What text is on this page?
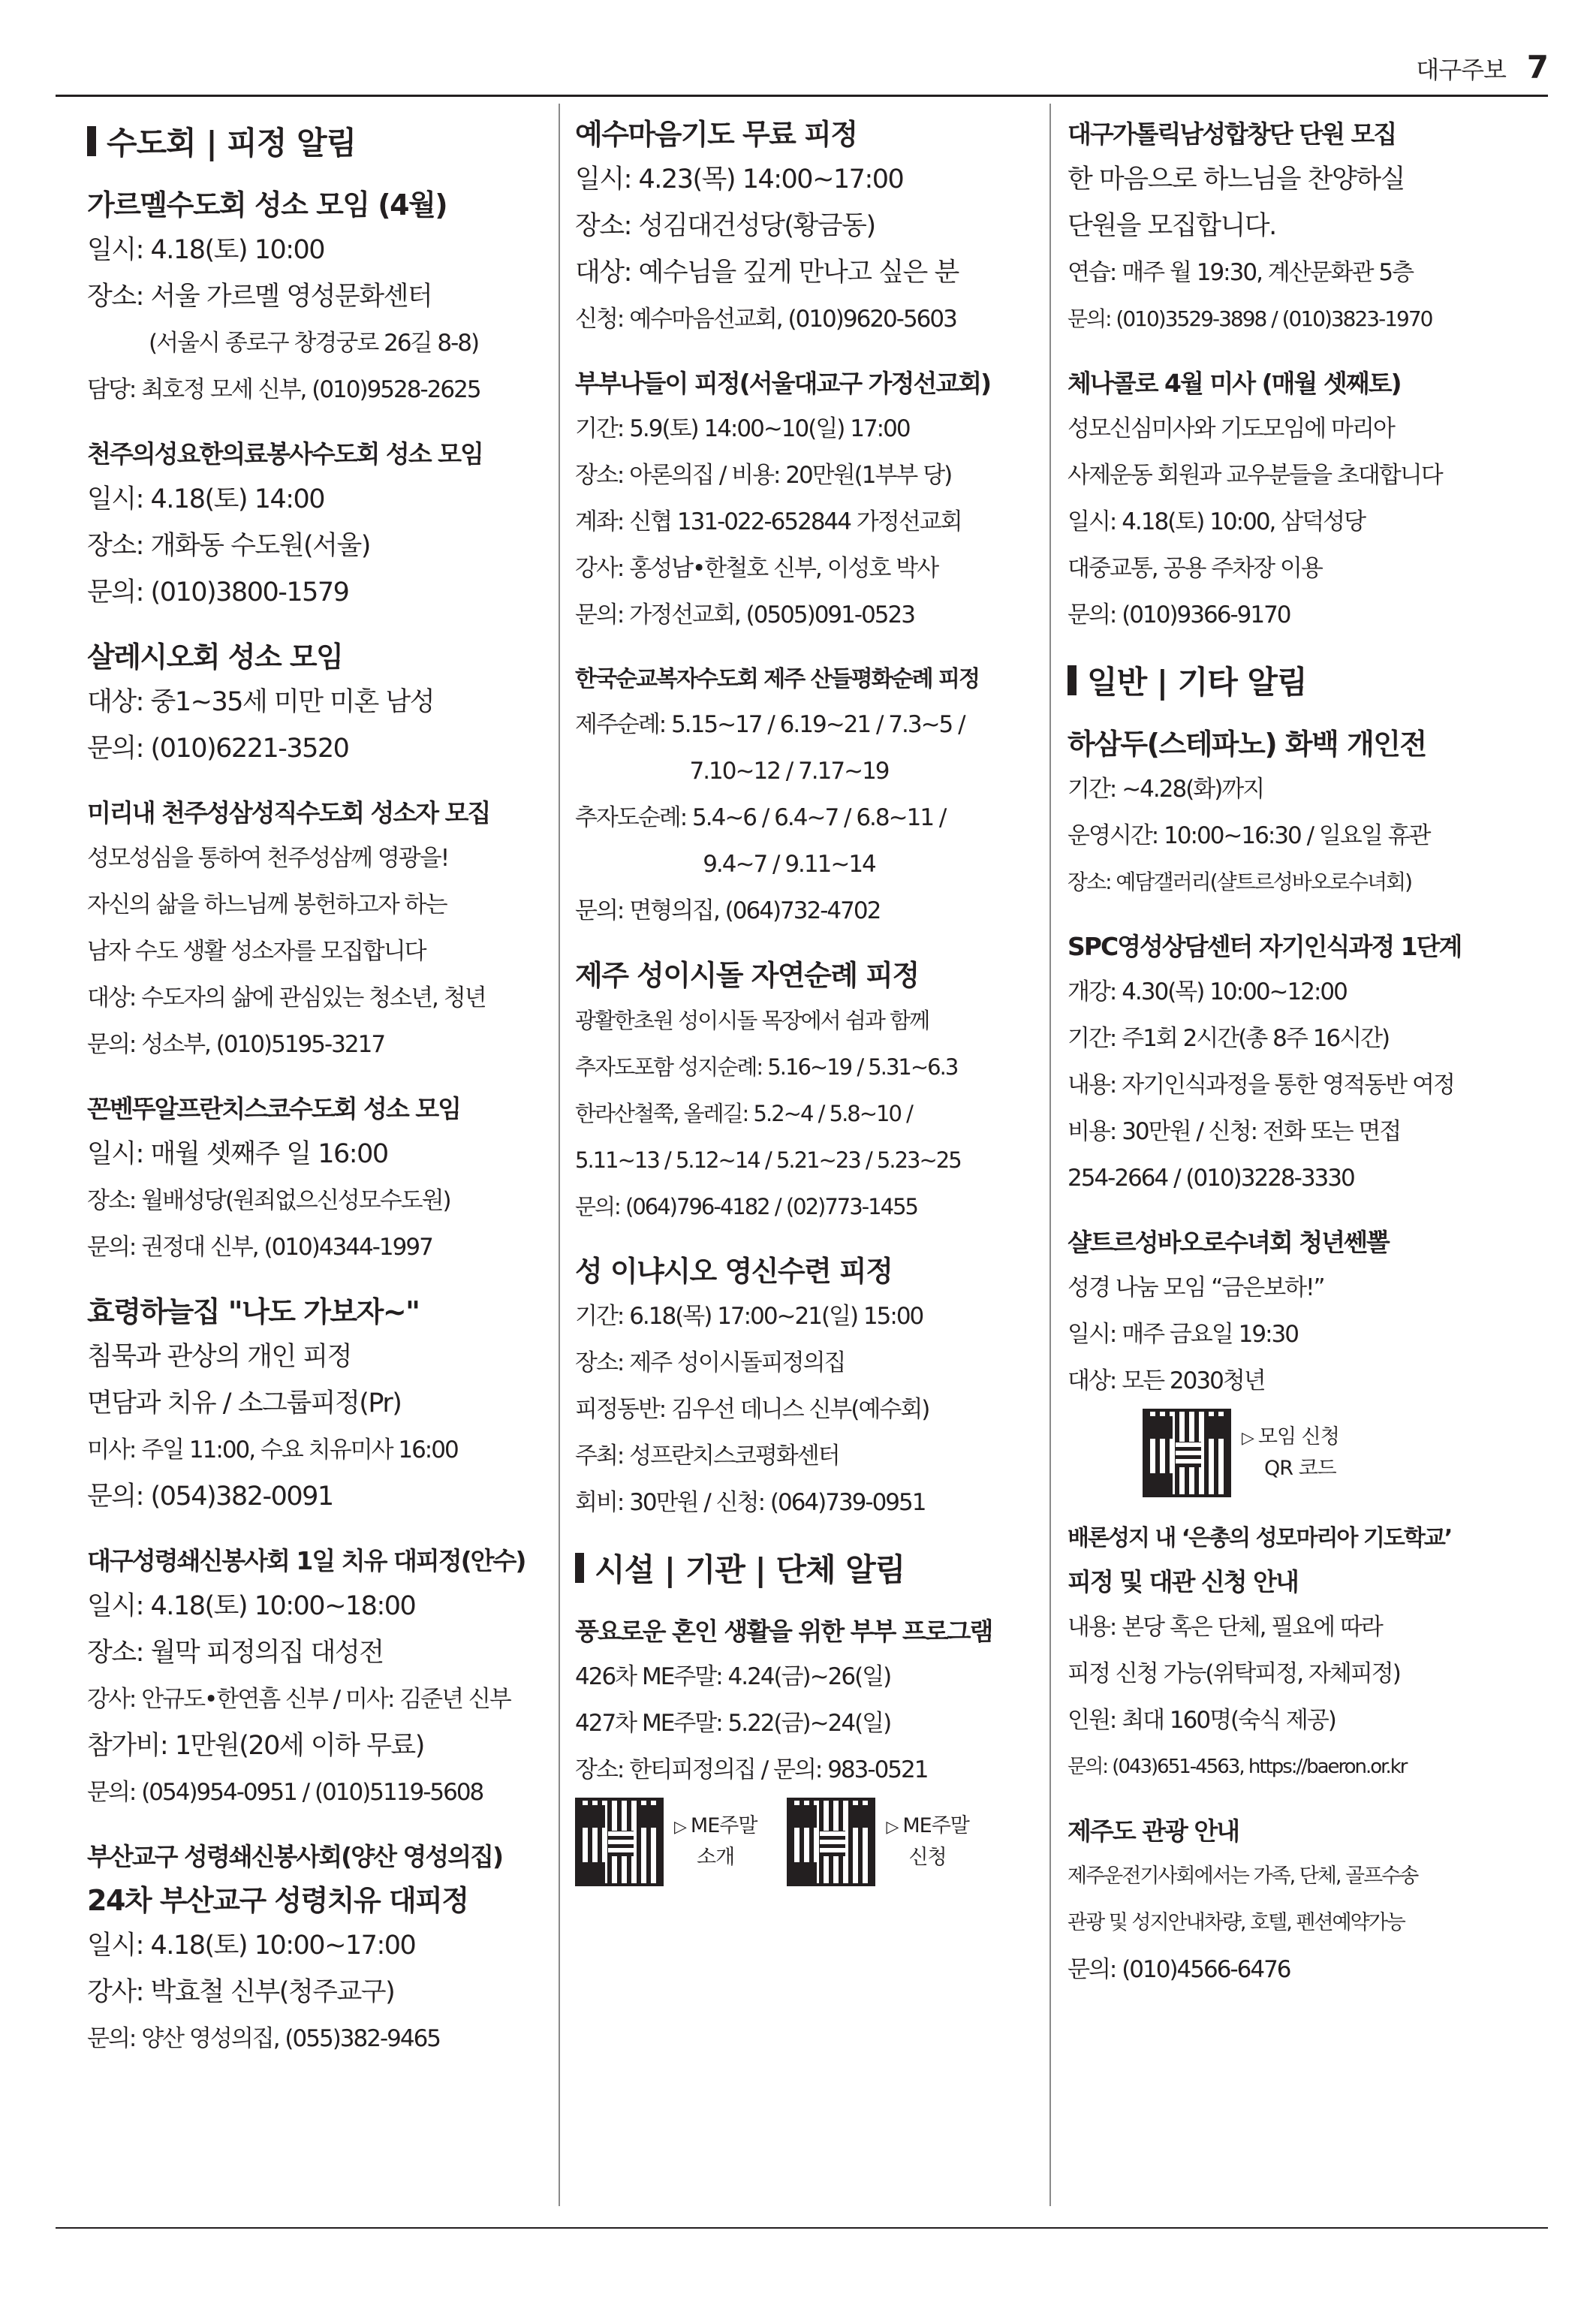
대구주보 7
수도회 | 피정 알림
가르멜수도회 성소 모임 (4월)
일시: 4.18(토) 10:00
장소: 서울 가르멜 영성문화센터
(서울시 종로구 창경궁로 26길 8-8)
담당: 최호정 모세 신부, (010)9528-2625
천주의성요한의료봉사수도회 성소 모임
일시: 4.18(토) 14:00
장소: 개화동 수도원(서울)
문의: (010)3800-1579
살레시오회 성소 모임
대상: 중1~35세 미만 미혼 남성
문의: (010)6221-3520
미리내 천주성삼성직수도회 성소자 모집
성모성심을 통하여 천주성삼께 영광을!
자신의 삶을 하느님께 봉헌하고자 하는
남자 수도 생활 성소자를 모집합니다
대상: 수도자의 삶에 관심있는 청소년, 청년
문의: 성소부, (010)5195-3217
꼰벤뚜알프란치스코수도회 성소 모임
일시: 매월 셋째주 일 16:00
장소: 월배성당(원죄없으신성모수도원)
문의: 권정대 신부, (010)4344-1997
효령하늘집 "나도 가보자~"
침묵과 관상의 개인 피정
면담과 치유 / 소그룹피정(Pr)
미사: 주일 11:00, 수요 치유미사 16:00
문의: (054)382-0091
대구성령쇄신봉사회 1일 치유 대피정(안수)
일시: 4.18(토) 10:00~18:00
장소: 월막 피정의집 대성전
강사: 안규도•한연흠 신부 / 미사: 김준년 신부
참가비: 1만원(20세 이하 무료)
문의: (054)954-0951 / (010)5119-5608
부산교구 성령쇄신봉사회(양산 영성의집)
24차 부산교구 성령치유 대피정
일시: 4.18(토) 10:00~17:00
강사: 박효철 신부(청주교구)
문의: 양산 영성의집, (055)382-9465
예수마음기도 무료 피정
일시: 4.23(목) 14:00~17:00
장소: 성김대건성당(황금동)
대상: 예수님을 깊게 만나고 싶은 분
신청: 예수마음선교회, (010)9620-5603
부부나들이 피정(서울대교구 가정선교회)
기간: 5.9(토) 14:00~10(일) 17:00
장소: 아론의집 / 비용: 20만원(1부부 당)
계좌: 신협 131-022-652844 가정선교회
강사: 홍성남•한철호 신부, 이성호 박사
문의: 가정선교회, (0505)091-0523
한국순교복자수도회 제주 산들평화순례 피정
제주순례: 5.15~17 / 6.19~21 / 7.3~5 /
7.10~12 / 7.17~19
추자도순례: 5.4~6 / 6.4~7 / 6.8~11 /
9.4~7 / 9.11~14
문의: 면형의집, (064)732-4702
제주 성이시돌 자연순례 피정
광활한초원 성이시돌 목장에서 쉼과 함께
추자도포함 성지순례: 5.16~19 / 5.31~6.3
한라산철쭉, 올레길: 5.2~4 / 5.8~10 /
5.11~13 / 5.12~14 / 5.21~23 / 5.23~25
문의: (064)796-4182 / (02)773-1455
성 이냐시오 영신수련 피정
기간: 6.18(목) 17:00~21(일) 15:00
장소: 제주 성이시돌피정의집
피정동반: 김우선 데니스 신부(예수회)
주최: 성프란치스코평화센터
회비: 30만원 / 신청: (064)739-0951
시설 | 기관 | 단체 알림
풍요로운 혼인 생활을 위한 부부 프로그램
426차 ME주말: 4.24(금)~26(일)
427차 ME주말: 5.22(금)~24(일)
장소: 한티피정의집 / 문의: 983-0521
▷ ME주말
소개
▷ ME주말
신청
대구가톨릭남성합창단 단원 모집
한 마음으로 하느님을 찬양하실
단원을 모집합니다.
연습: 매주 월 19:30, 계산문화관 5층
문의: (010)3529-3898 / (010)3823-1970
체나콜로 4월 미사 (매월 셋째토)
성모신심미사와 기도모임에 마리아
사제운동 회원과 교우분들을 초대합니다
일시: 4.18(토) 10:00, 삼덕성당
대중교통, 공용 주차장 이용
문의: (010)9366-9170
일반 | 기타 알림
하삼두(스테파노) 화백 개인전
기간: ~4.28(화)까지
운영시간: 10:00~16:30 / 일요일 휴관
장소: 예담갤러리(샬트르성바오로수녀회)
SPC영성상담센터 자기인식과정 1단계
개강: 4.30(목) 10:00~12:00
기간: 주1회 2시간(총 8주 16시간)
내용: 자기인식과정을 통한 영적동반 여정
비용: 30만원 / 신청: 전화 또는 면접
254-2664 / (010)3228-3330
샬트르성바오로수녀회 청년쎈뽈
성경 나눔 모임 “금은보하!”
일시: 매주 금요일 19:30
대상: 모든 2030청년
▷ 모임 신청
QR 코드
배론성지 내 ‘은총의 성모마리아 기도학교’
피정 및 대관 신청 안내
내용: 본당 혹은 단체, 필요에 따라
피정 신청 가능(위탁피정, 자체피정)
인원: 최대 160명(숙식 제공)
문의: (043)651-4563, https://baeron.or.kr
제주도 관광 안내
제주운전기사회에서는 가족, 단체, 골프수송
관광 및 성지안내차량, 호텔, 펜션예약가능
문의: (010)4566-6476
